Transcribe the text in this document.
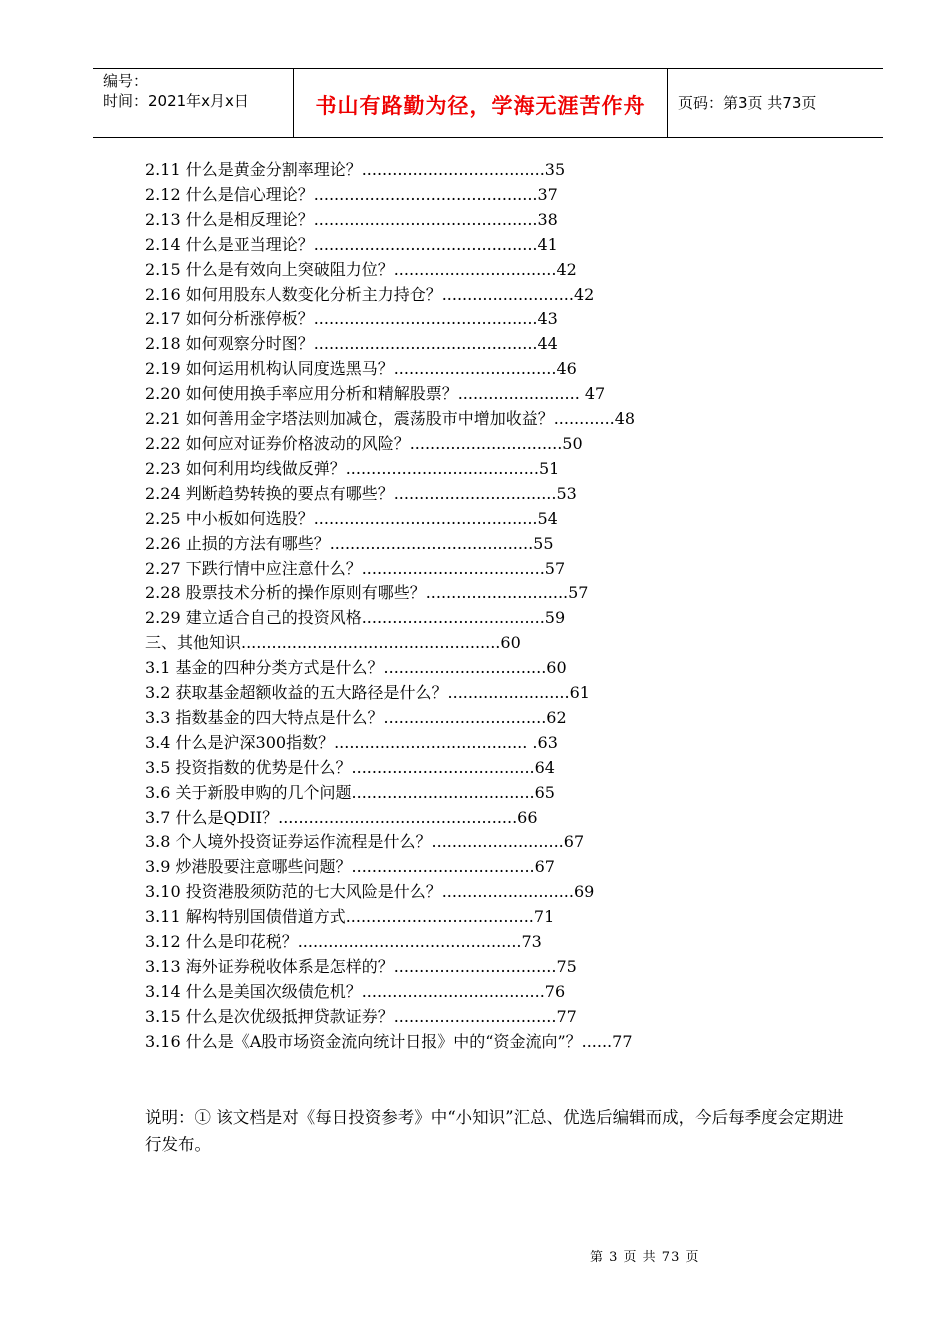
编号：
时间：2021年x月x日	书山有路勤为径，学海无涯苦作舟	页码：第3页 共73页
2.11 什么是黄金分割率理论？....................................35
2.12 什么是信心理论？............................................37
2.13 什么是相反理论？............................................38
2.14 什么是亚当理论？............................................41
2.15 什么是有效向上突破阻力位？................................42
2.16 如何用股东人数变化分析主力持仓？..........................42
2.17 如何分析涨停板？............................................43
2.18 如何观察分时图？............................................44
2.19 如何运用机构认同度选黑马？................................46
2.20 如何使用换手率应用分析和精解股票？........................ 47
2.21 如何善用金字塔法则加减仓，震荡股市中增加收益？............48
2.22 如何应对证券价格波动的风险？..............................50
2.23 如何利用均线做反弹？......................................51
2.24 判断趋势转换的要点有哪些？................................53
2.25 中小板如何选股？............................................54
2.26 止损的方法有哪些？........................................55
2.27 下跌行情中应注意什么？....................................57
2.28 股票技术分析的操作原则有哪些？............................57
2.29 建立适合自己的投资风格....................................59
三、其他知识...................................................60
3.1 基金的四种分类方式是什么？................................60
3.2 获取基金超额收益的五大路径是什么？........................61
3.3 指数基金的四大特点是什么？................................62
3.4 什么是沪深300指数？...................................... .63
3.5 投资指数的优势是什么？....................................64
3.6 关于新股申购的几个问题....................................65
3.7 什么是QDII？...............................................66
3.8 个人境外投资证券运作流程是什么？..........................67
3.9 炒港股要注意哪些问题？....................................67
3.10 投资港股须防范的七大风险是什么？..........................69
3.11 解构特别国债借道方式.....................................71
3.12 什么是印花税？............................................73
3.13 海外证券税收体系是怎样的？................................75
3.14 什么是美国次级债危机？....................................76
3.15 什么是次优级抵押贷款证券？................................77
3.16 什么是《A股市场资金流向统计日报》中的“资金流向”？......77
说明：① 该文档是对《每日投资参考》中“小知识”汇总、优选后编辑而成，今后每季度会定期进行发布。
第 3 页 共 73 页
